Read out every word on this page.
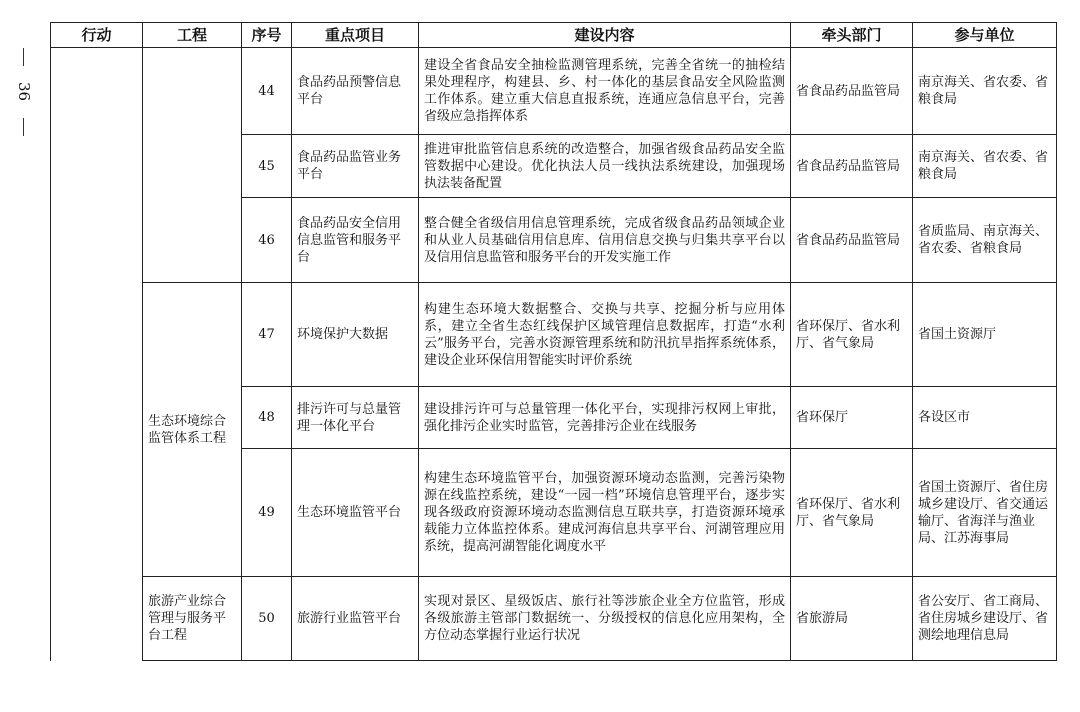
36
行动	工程	序号	重点项目	建设内容	牵头部门	参与单位
		44	食品药品预警信息平台	建设全省食品安全抽检监测管理系统，完善全省统一的抽检结果处理程序，构建县、乡、村一体化的基层食品安全风险监测工作体系。建立重大信息直报系统，连通应急信息平台，完善省级应急指挥体系	省食品药品监管局	南京海关、省农委、省粮食局
		45	食品药品监管业务平台	推进审批监管信息系统的改造整合，加强省级食品药品安全监管数据中心建设。优化执法人员一线执法系统建设，加强现场执法装备配置	省食品药品监管局	南京海关、省农委、省粮食局
		46	食品药品安全信用信息监管和服务平台	整合健全省级信用信息管理系统，完成省级食品药品领域企业和从业人员基础信用信息库、信用信息交换与归集共享平台以及信用信息监管和服务平台的开发实施工作	省食品药品监管局	省质监局、南京海关、省农委、省粮食局
	生态环境综合监管体系工程	47	环境保护大数据	构建生态环境大数据整合、交换与共享、挖掘分析与应用体系，建立全省生态红线保护区域管理信息数据库，打造“水利云”服务平台，完善水资源管理系统和防汛抗旱指挥系统体系，建设企业环保信用智能实时评价系统	省环保厅、省水利厅、省气象局	省国土资源厅
		48	排污许可与总量管理一体化平台	建设排污许可与总量管理一体化平台，实现排污权网上审批，强化排污企业实时监管，完善排污企业在线服务	省环保厅	各设区市
		49	生态环境监管平台	构建生态环境监管平台，加强资源环境动态监测，完善污染物源在线监控系统，建设“一园一档”环境信息管理平台，逐步实现各级政府资源环境动态监测信息互联共享，打造资源环境承载能力立体监控体系。建成河海信息共享平台、河湖管理应用系统，提高河湖智能化调度水平	省环保厅、省水利厅、省气象局	省国土资源厅、省住房城乡建设厅、省交通运输厅、省海洋与渔业局、江苏海事局
	旅游产业综合管理与服务平台工程	50	旅游行业监管平台	实现对景区、星级饭店、旅行社等涉旅企业全方位监管，形成各级旅游主管部门数据统一、分级授权的信息化应用架构，全方位动态掌握行业运行状况	省旅游局	省公安厅、省工商局、省住房城乡建设厅、省测绘地理信息局
